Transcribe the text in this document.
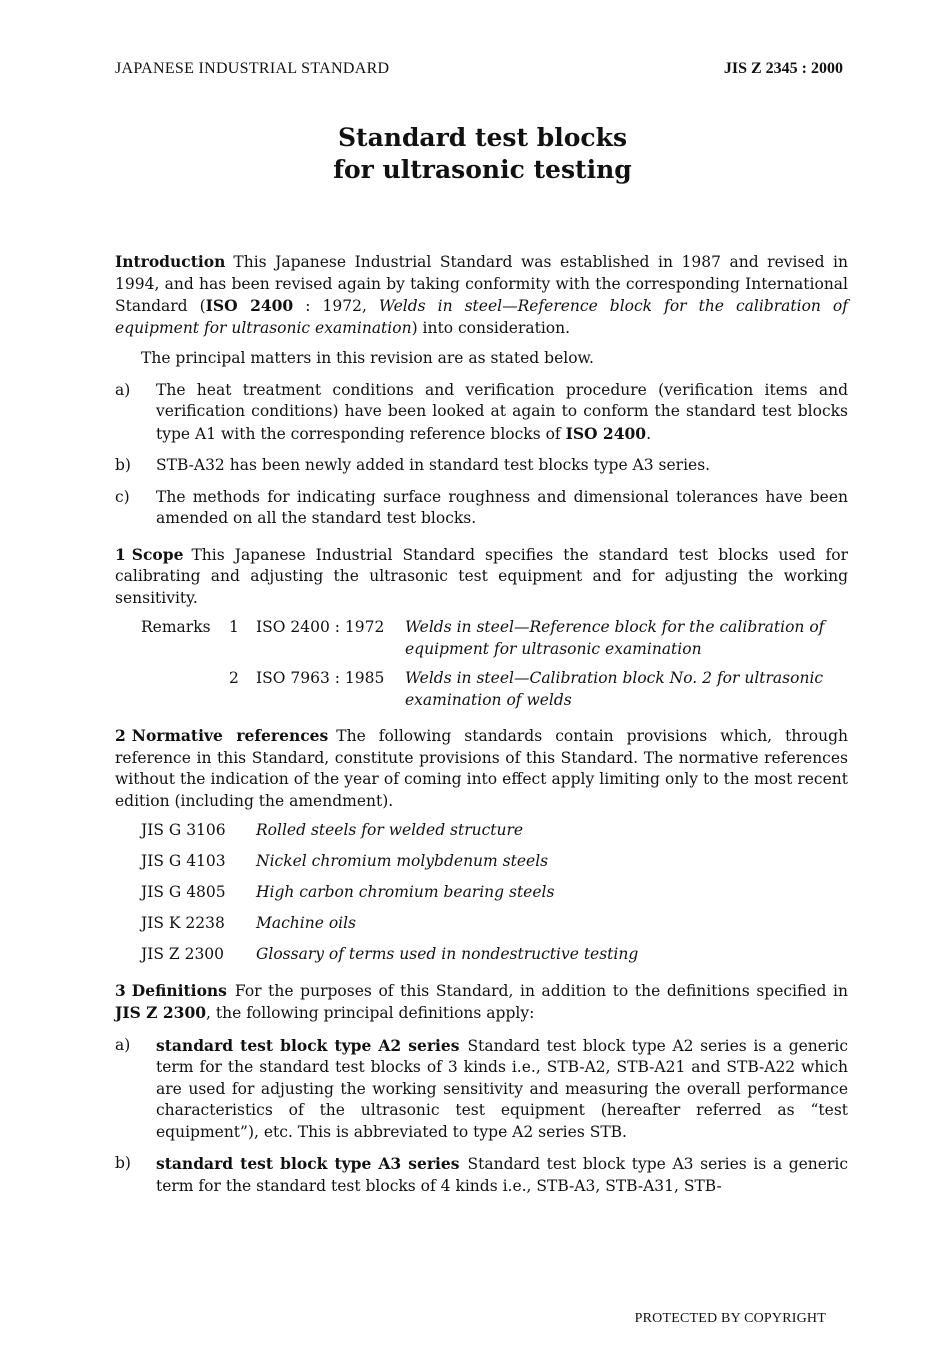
JAPANESE INDUSTRIAL STANDARD	JIS Z 2345 : 2000
Standard test blocks
for ultrasonic testing

Introduction This Japanese Industrial Standard was established in 1987 and revised in 1994, and has been revised again by taking conformity with the corresponding International Standard (ISO 2400 : 1972, Welds in steel—Reference block for the calibration of equipment for ultrasonic examination) into consideration.

The principal matters in this revision are as stated below.

a) The heat treatment conditions and verification procedure (verification items and verification conditions) have been looked at again to conform the standard test blocks type A1 with the corresponding reference blocks of ISO 2400.
b) STB-A32 has been newly added in standard test blocks type A3 series.
c) The methods for indicating surface roughness and dimensional tolerances have been amended on all the standard test blocks.

1 Scope This Japanese Industrial Standard specifies the standard test blocks used for calibrating and adjusting the ultrasonic test equipment and for adjusting the working sensitivity.

Remarks 1 ISO 2400 : 1972 Welds in steel—Reference block for the calibration of equipment for ultrasonic examination
2 ISO 7963 : 1985 Welds in steel—Calibration block No. 2 for ultrasonic examination of welds

2 Normative references The following standards contain provisions which, through reference in this Standard, constitute provisions of this Standard. The normative references without the indication of the year of coming into effect apply limiting only to the most recent edition (including the amendment).

JIS G 3106 Rolled steels for welded structure
JIS G 4103 Nickel chromium molybdenum steels
JIS G 4805 High carbon chromium bearing steels
JIS K 2238 Machine oils
JIS Z 2300 Glossary of terms used in nondestructive testing

3 Definitions For the purposes of this Standard, in addition to the definitions specified in JIS Z 2300, the following principal definitions apply:

a) standard test block type A2 series Standard test block type A2 series is a generic term for the standard test blocks of 3 kinds i.e., STB-A2, STB-A21 and STB-A22 which are used for adjusting the working sensitivity and measuring the overall performance characteristics of the ultrasonic test equipment (hereafter referred as “test equipment”), etc. This is abbreviated to type A2 series STB.
b) standard test block type A3 series Standard test block type A3 series is a generic term for the standard test blocks of 4 kinds i.e., STB-A3, STB-A31, STB-
PROTECTED BY COPYRIGHT
